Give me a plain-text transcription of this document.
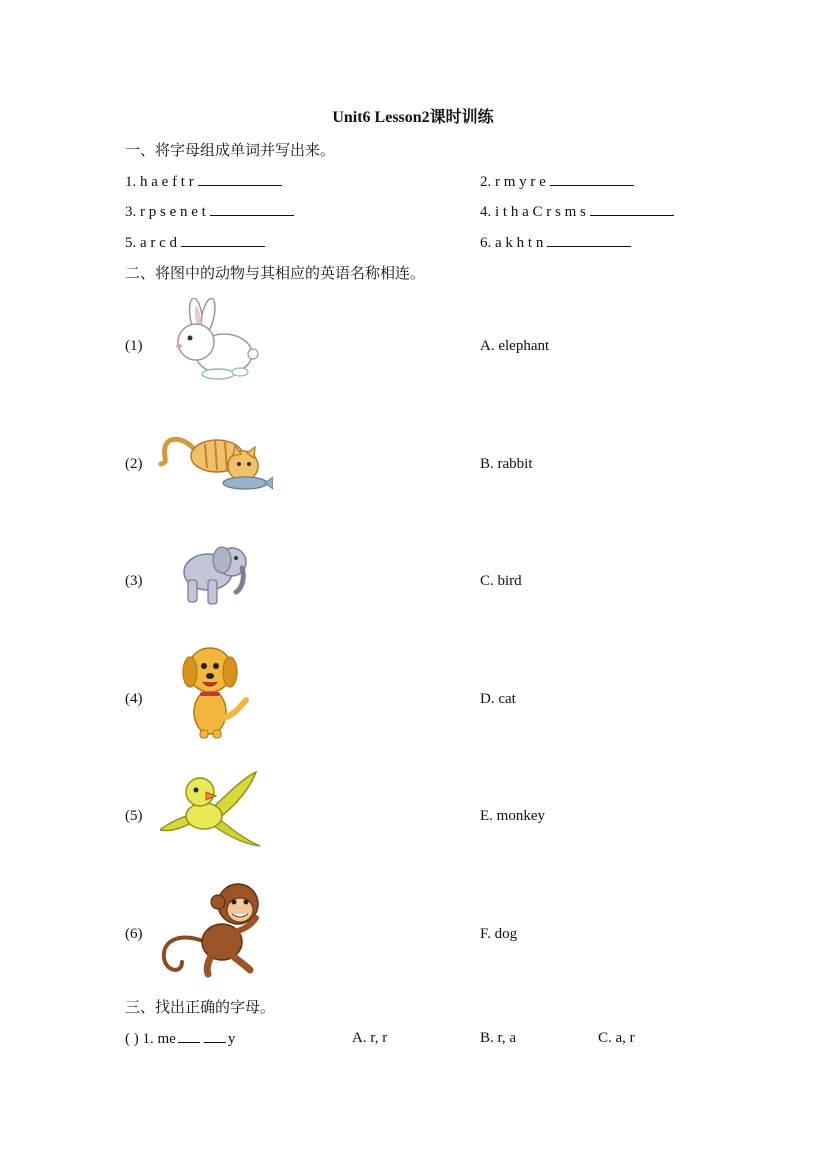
Unit6 Lesson2课时训练
一、将字母组成单词并写出来。
1. h a e f t r	2. r m y r e
3. r p s e n e t	4. i t h a C r s m s
5. a r c d	6. a k h t n
二、将图中的动物与其相应的英语名称相连。
(1)	A. elephant
(2)	B. rabbit
(3)	C. bird
(4)	D. cat
(5)	E. monkey
(6)	F. dog
三、找出正确的字母。
( ) 1. me	y	A. r, r	B. r, a	C. a, r
